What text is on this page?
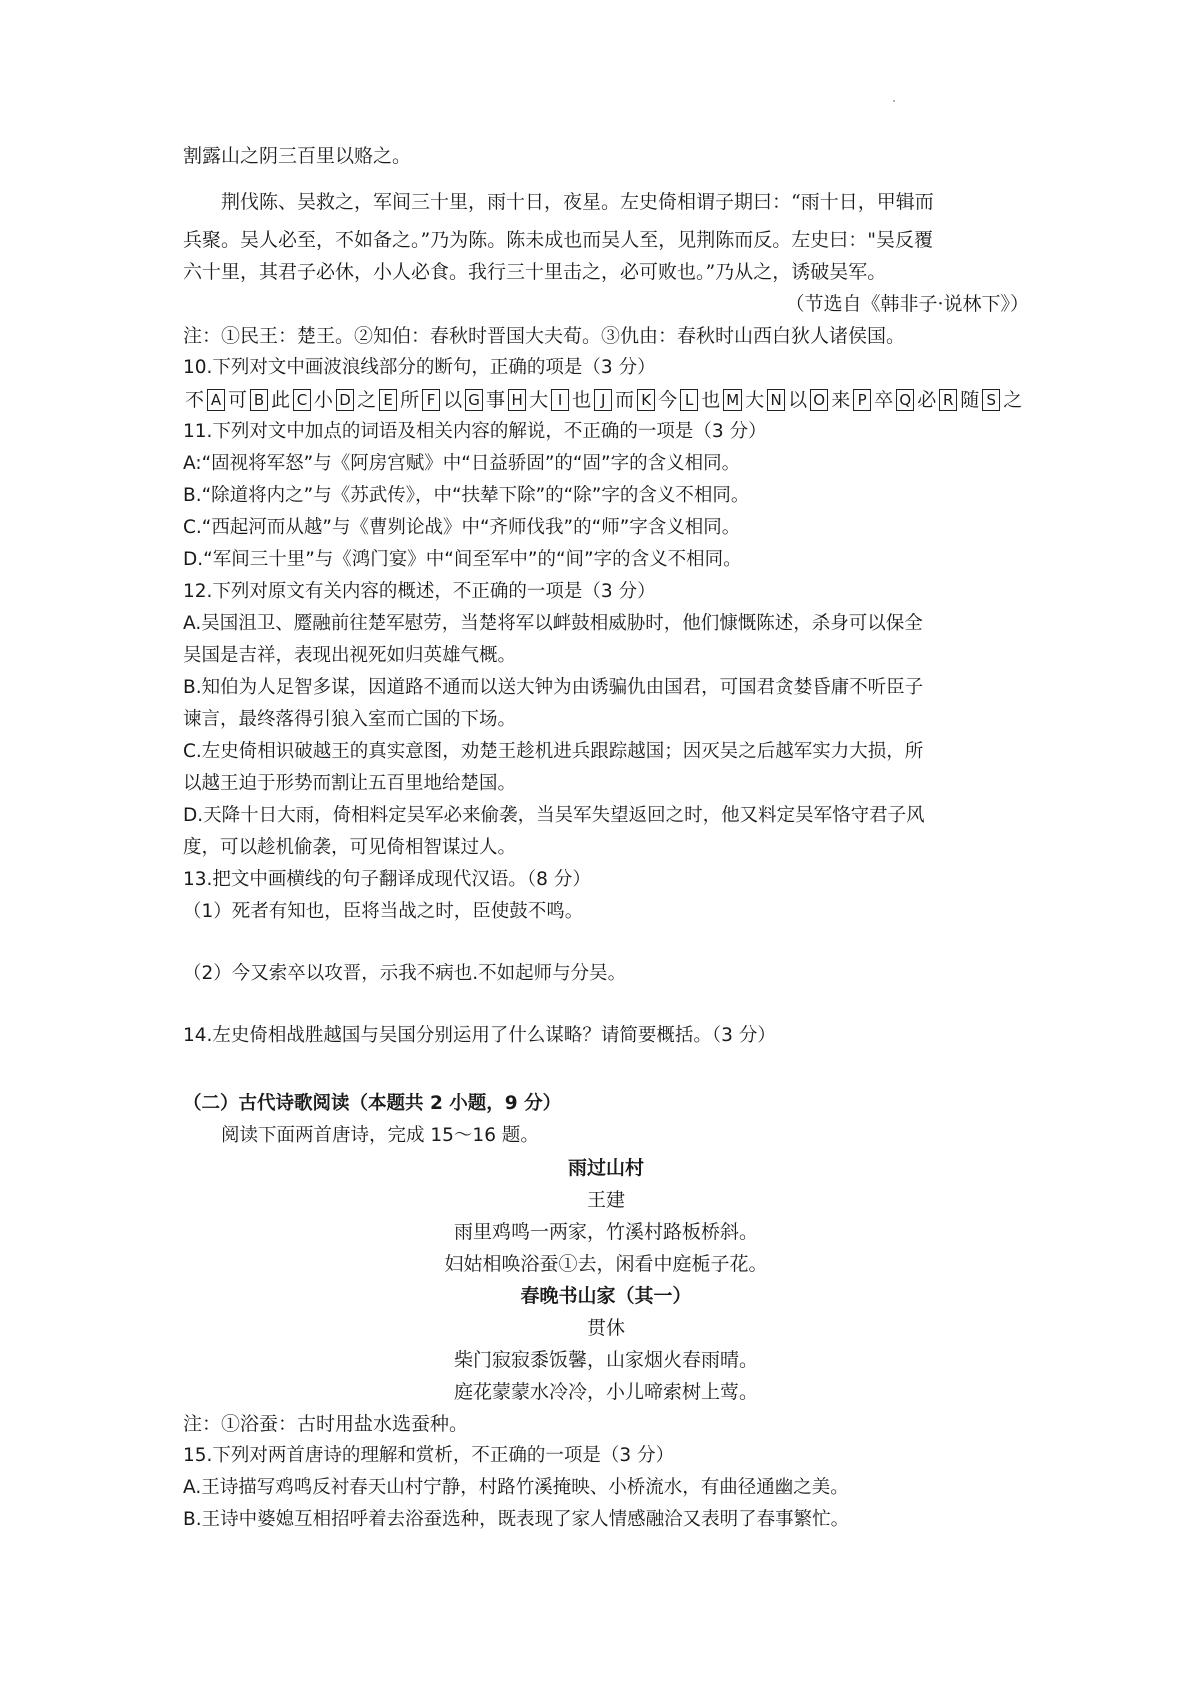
割露山之阴三百里以赂之。
荆伐陈、吴救之，军间三十里，雨十日，夜星。左史倚相谓子期曰：“雨十日，甲辑而
兵聚。吴人必至，不如备之。”乃为陈。陈未成也而吴人至，见荆陈而反。左史曰："吴反覆
六十里，其君子必休，小人必食。我行三十里击之，必可败也。”乃从之，诱破吴军。
（节选自《韩非子·说林下》）
注：①民王：楚王。②知伯：春秋时晋国大夫荀。③仇由：春秋时山西白狄人诸侯国。
10.下列对文中画波浪线部分的断句，正确的项是（3 分）
不 A 可 B 此 C 小 D 之 E 所 F 以 G 事 H 大 I 也 J 而 K 今 L 也 M 大 N 以 O 来 P 卒 Q 必 R 随 S 之
11.下列对文中加点的词语及相关内容的解说，不正确的一项是（3 分）
A:“固视将军怒”与《阿房宫赋》中“日益骄固”的“固”字的含义相同。
B.“除道将内之”与《苏武传》，中“扶辇下除”的“除”字的含义不相同。
C.“西起河而从越”与《曹刿论战》中“齐师伐我”的“师”字含义相同。
D.“军间三十里”与《鸿门宴》中“间至军中”的“间”字的含义不相同。
12.下列对原文有关内容的概述，不正确的一项是（3 分）
A.吴国沮卫、蹷融前往楚军慰劳，当楚将军以衅鼓相威胁时，他们慷慨陈述，杀身可以保全
吴国是吉祥，表现出视死如归英雄气概。
B.知伯为人足智多谋，因道路不通而以送大钟为由诱骗仇由国君，可国君贪婪昏庸不听臣子
谏言，最终落得引狼入室而亡国的下场。
C.左史倚相识破越王的真实意图，劝楚王趁机进兵跟踪越国；因灭吴之后越军实力大损，所
以越王迫于形势而割让五百里地给楚国。
D.天降十日大雨，倚相料定吴军必来偷袭，当吴军失望返回之时，他又料定吴军恪守君子风
度，可以趁机偷袭，可见倚相智谋过人。
13.把文中画横线的句子翻译成现代汉语。（8 分）
（1）死者有知也，臣将当战之时，臣使鼓不鸣。
（2）今又索卒以攻晋，示我不病也.不如起师与分吴。
14.左史倚相战胜越国与吴国分别运用了什么谋略？请简要概括。（3 分）
（二）古代诗歌阅读（本题共 2 小题，9 分）
阅读下面两首唐诗，完成 15～16 题。
雨过山村
王建
雨里鸡鸣一两家，竹溪村路板桥斜。
妇姑相唤浴蚕①去，闲看中庭栀子花。
春晚书山家（其一）
贯休
柴门寂寂黍饭馨，山家烟火春雨晴。
庭花蒙蒙水冷冷，小儿啼索树上莺。
注：①浴蚕：古时用盐水选蚕种。
15.下列对两首唐诗的理解和赏析，不正确的一项是（3 分）
A.王诗描写鸡鸣反衬春天山村宁静，村路竹溪掩映、小桥流水，有曲径通幽之美。
B.王诗中婆媳互相招呼着去浴蚕选种，既表现了家人情感融洽又表明了春事繁忙。
